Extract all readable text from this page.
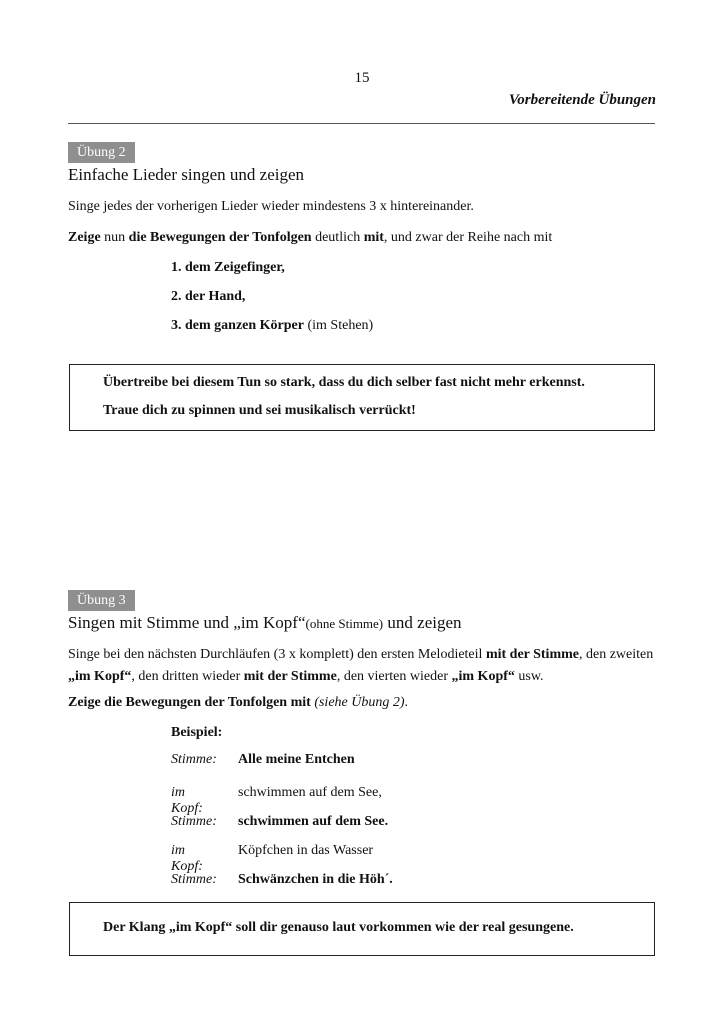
15
Vorbereitende Übungen
Übung 2
Einfache Lieder singen und zeigen
Singe jedes der vorherigen Lieder wieder mindestens 3 x hintereinander.
Zeige nun die Bewegungen der Tonfolgen deutlich mit, und zwar der Reihe nach mit
1. dem Zeigefinger,
2. der Hand,
3. dem ganzen Körper (im Stehen)
Übertreibe bei diesem Tun so stark, dass du dich selber fast nicht mehr erkennst.
Traue dich zu spinnen und sei musikalisch verrückt!
Übung 3
Singen mit Stimme und „im Kopf“(ohne Stimme) und zeigen
Singe bei den nächsten Durchläufen (3 x komplett) den ersten Melodieteil mit der Stimme, den zweiten „im Kopf“, den dritten wieder mit der Stimme, den vierten wieder „im Kopf“ usw.
Zeige die Bewegungen der Tonfolgen mit (siehe Übung 2).
Beispiel:
Stimme: Alle meine Entchen
im Kopf:
schwimmen auf dem See,
Stimme: schwimmen auf dem See.
im Kopf:
Köpfchen in das Wasser
Stimme: Schwänzchen in die Höh´.
Der Klang „im Kopf“ soll dir genauso laut vorkommen wie der real gesungene.
